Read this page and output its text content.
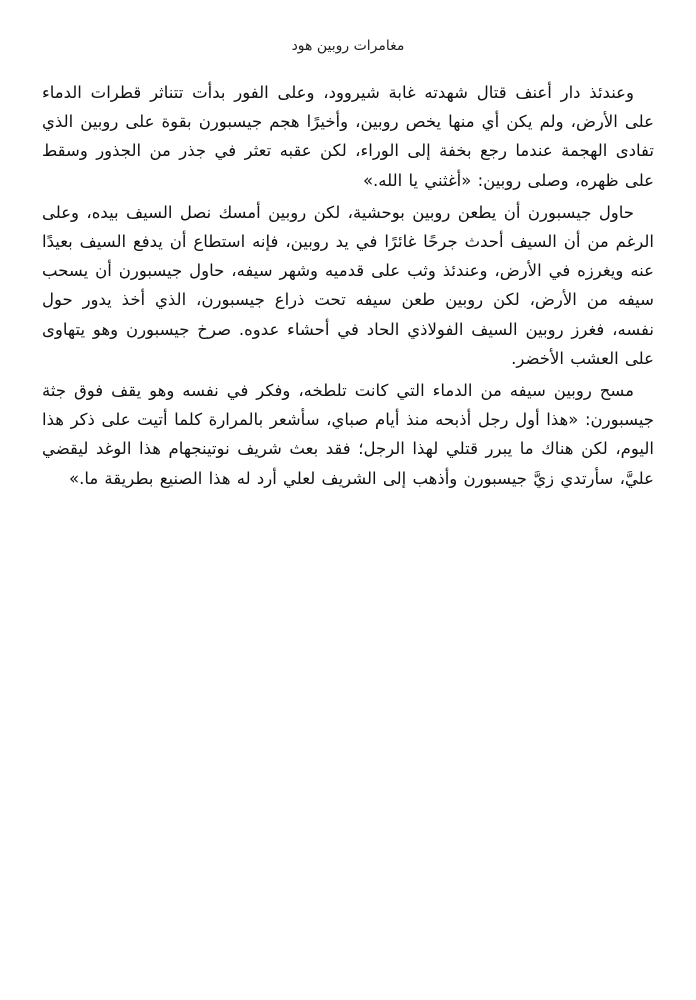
مغامرات روبين هود

وعندئذ دار أعنف قتال شهدته غابة شيروود، وعلى الفور بدأت تتناثر قطرات الدماء على الأرض، ولم يكن أي منها يخص روبين، وأخيرًا هجم جيسبورن بقوة على روبين الذي تفادى الهجمة عندما رجع بخفة إلى الوراء، لكن عقبه تعثر في جذر من الجذور وسقط على ظهره، وصلى روبين: «أغثني يا الله.»

حاول جيسبورن أن يطعن روبين بوحشية، لكن روبين أمسك نصل السيف بيده، وعلى الرغم من أن السيف أحدث جرحًا غائرًا في يد روبين، فإنه استطاع أن يدفع السيف بعيدًا عنه ويغرزه في الأرض، وعندئذ وثب على قدميه وشهر سيفه، حاول جيسبورن أن يسحب سيفه من الأرض، لكن روبين طعن سيفه تحت ذراع جيسبورن، الذي أخذ يدور حول نفسه، فغرز روبين السيف الفولاذي الحاد في أحشاء عدوه. صرخ جيسبورن وهو يتهاوى على العشب الأخضر.

مسح روبين سيفه من الدماء التي كانت تلطخه، وفكر في نفسه وهو يقف فوق جثة جيسبورن: «هذا أول رجل أذبحه منذ أيام صباي، سأشعر بالمرارة كلما أتيت على ذكر هذا اليوم، لكن هناك ما يبرر قتلي لهذا الرجل؛ فقد بعث شريف نوتينجهام هذا الوغد ليقضي عليَّ، سأرتدي زيَّ جيسبورن وأذهب إلى الشريف لعلي أرد له هذا الصنيع بطريقة ما.»
